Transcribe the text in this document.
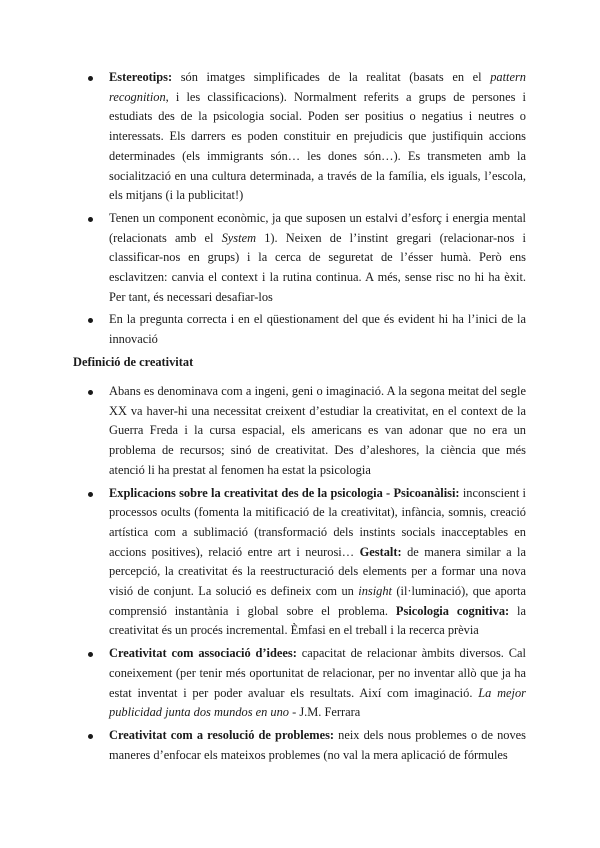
Estereotips: són imatges simplificades de la realitat (basats en el pattern recognition, i les classificacions). Normalment referits a grups de persones i estudiats des de la psicologia social. Poden ser positius o negatius i neutres o interessats. Els darrers es poden constituir en prejudicis que justifiquin accions determinades (els immigrants són… les dones són…). Es transmeten amb la socialització en una cultura determinada, a través de la família, els iguals, l’escola, els mitjans (i la publicitat!)
Tenen un component econòmic, ja que suposen un estalvi d’esforç i energia mental (relacionats amb el System 1). Neixen de l’instint gregari (relacionar-nos i classificar-nos en grups) i la cerca de seguretat de l’ésser humà. Però ens esclavitzen: canvia el context i la rutina continua. A més, sense risc no hi ha èxit. Per tant, és necessari desafiar-los
En la pregunta correcta i en el qüestionament del que és evident hi ha l’inici de la innovació
Definició de creativitat
Abans es denominava com a ingeni, geni o imaginació. A la segona meitat del segle XX va haver-hi una necessitat creixent d’estudiar la creativitat, en el context de la Guerra Freda i la cursa espacial, els americans es van adonar que no era un problema de recursos; sinó de creativitat. Des d’aleshores, la ciència que més atenció li ha prestat al fenomen ha estat la psicologia
Explicacions sobre la creativitat des de la psicologia - Psicoanàlisi: inconscient i processos ocults (fomenta la mitificació de la creativitat), infància, somnis, creació artística com a sublimació (transformació dels instints socials inacceptables en accions positives), relació entre art i neurosi… Gestalt: de manera similar a la percepció, la creativitat és la reestructuració dels elements per a formar una nova visió de conjunt. La solució es defineix com un insight (il·luminació), que aporta comprensió instantània i global sobre el problema. Psicologia cognitiva: la creativitat és un procés incremental. Èmfasi en el treball i la recerca prèvia
Creativitat com associació d’idees: capacitat de relacionar àmbits diversos. Cal coneixement (per tenir més oportunitat de relacionar, per no inventar allò que ja ha estat inventat i per poder avaluar els resultats. Així com imaginació. La mejor publicidad junta dos mundos en uno - J.M. Ferrara
Creativitat com a resolució de problemes: neix dels nous problemes o de noves maneres d’enfocar els mateixos problemes (no val la mera aplicació de fórmules
